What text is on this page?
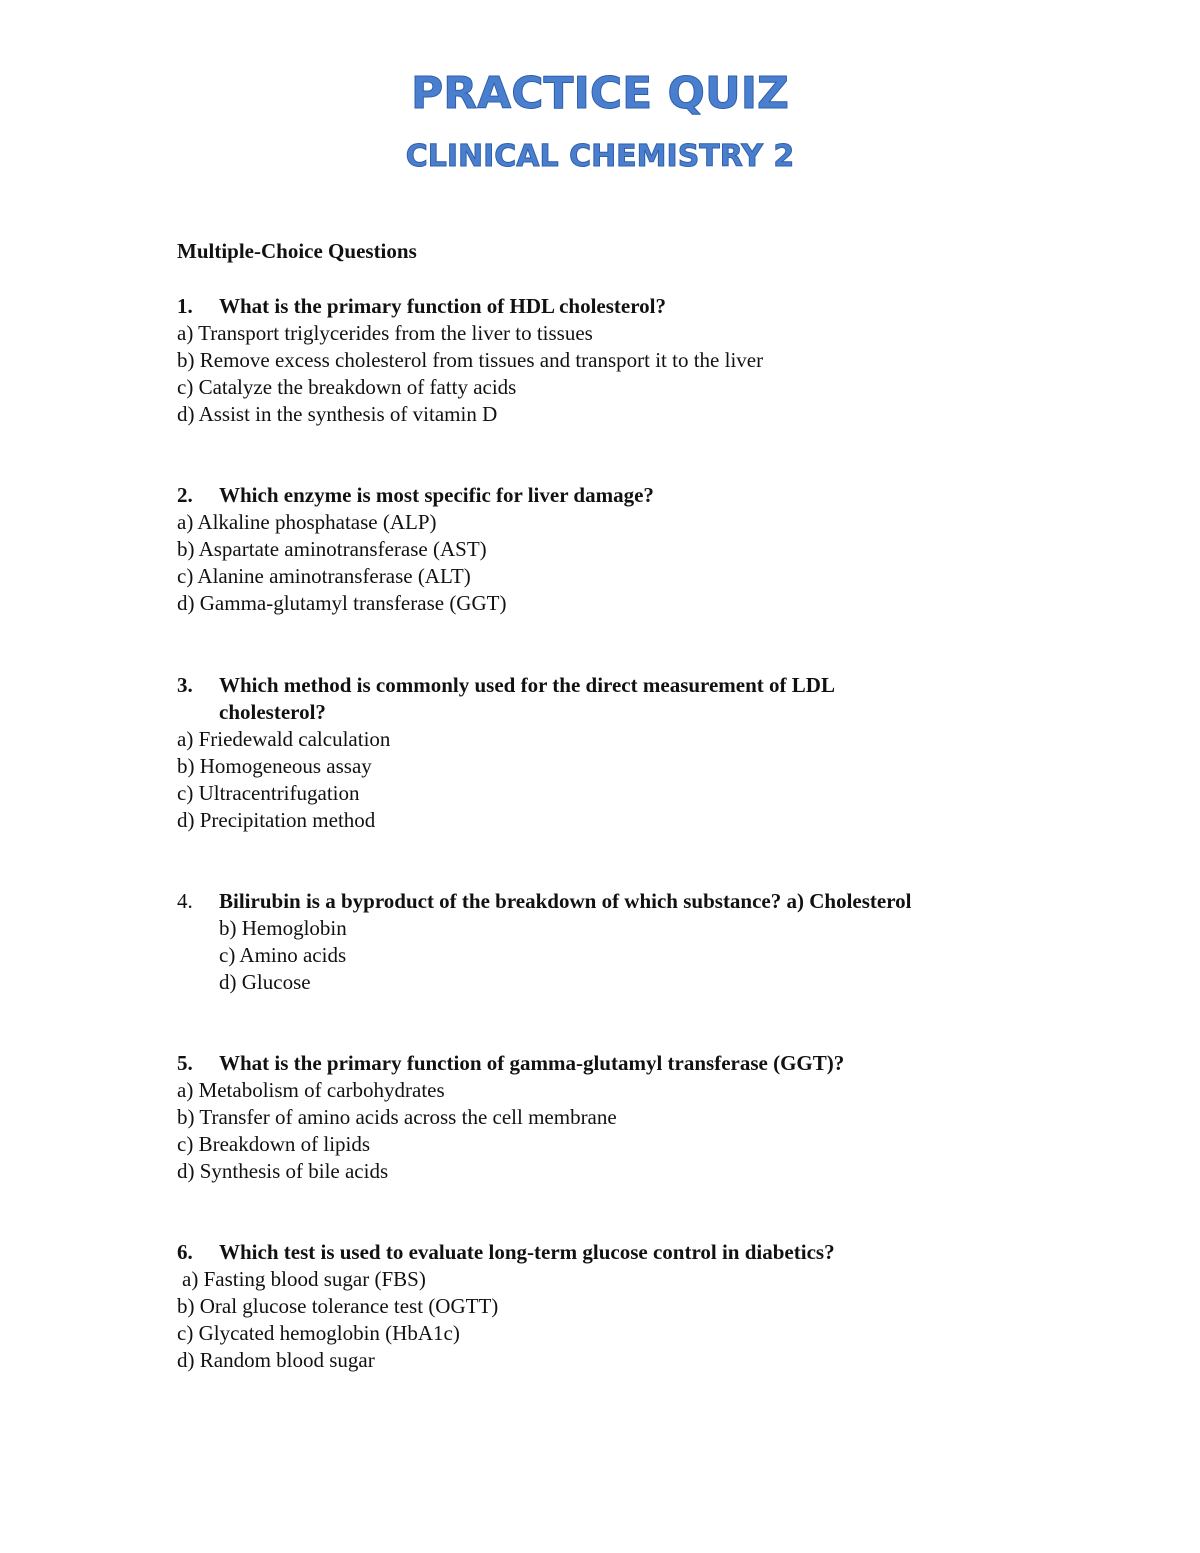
PRACTICE QUIZ
CLINICAL CHEMISTRY 2
Multiple-Choice Questions
1.	What is the primary function of HDL cholesterol?
a) Transport triglycerides from the liver to tissues
b) Remove excess cholesterol from tissues and transport it to the liver
c) Catalyze the breakdown of fatty acids
d) Assist in the synthesis of vitamin D
2.	Which enzyme is most specific for liver damage?
a) Alkaline phosphatase (ALP)
b) Aspartate aminotransferase (AST)
c) Alanine aminotransferase (ALT)
d) Gamma-glutamyl transferase (GGT)
3.	Which method is commonly used for the direct measurement of LDL cholesterol?
a) Friedewald calculation
b) Homogeneous assay
c) Ultracentrifugation
d) Precipitation method
4.	Bilirubin is a byproduct of the breakdown of which substance? a) Cholesterol
b) Hemoglobin
c) Amino acids
d) Glucose
5.	What is the primary function of gamma-glutamyl transferase (GGT)?
a) Metabolism of carbohydrates
b) Transfer of amino acids across the cell membrane
c) Breakdown of lipids
d) Synthesis of bile acids
6.	Which test is used to evaluate long-term glucose control in diabetics?
a) Fasting blood sugar (FBS)
b) Oral glucose tolerance test (OGTT)
c) Glycated hemoglobin (HbA1c)
d) Random blood sugar
